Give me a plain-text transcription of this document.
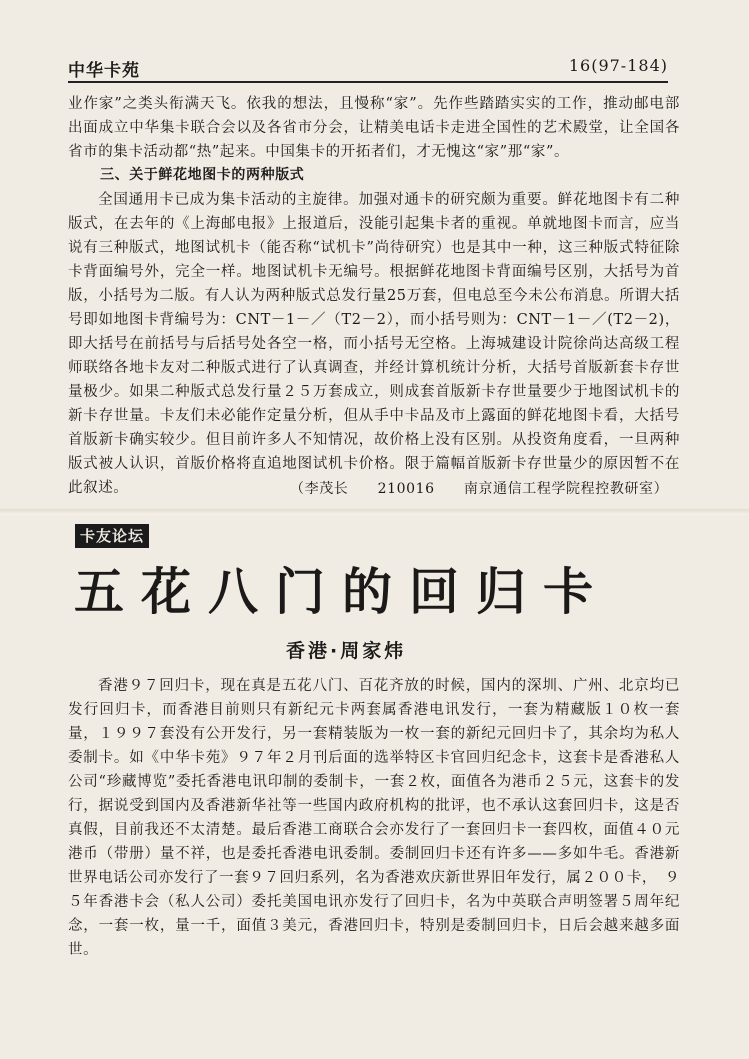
中华卡苑	16(97-184)

业作家”之类头衔满天飞。依我的想法，且慢称“家”。先作些踏踏实实的工作，推动邮电部出面成立中华集卡联合会以及各省市分会，让精美电话卡走进全国性的艺术殿堂，让全国各省市的集卡活动都“热”起来。中国集卡的开拓者们，才无愧这“家”那“家”。

三、关于鲜花地图卡的两种版式

全国通用卡已成为集卡活动的主旋律。加强对通卡的研究颇为重要。鲜花地图卡有二种版式，在去年的《上海邮电报》上报道后，没能引起集卡者的重视。单就地图卡而言，应当说有三种版式，地图试机卡（能否称“试机卡”尚待研究）也是其中一种，这三种版式特征除卡背面编号外，完全一样。地图试机卡无编号。根据鲜花地图卡背面编号区别，大括号为首版，小括号为二版。有人认为两种版式总发行量25万套，但电总至今未公布消息。所谓大括号即如地图卡背编号为：CNT－1－／（T2－2），而小括号则为：CNT－1－／(T2－2)，即大括号在前括号与后括号处各空一格，而小括号无空格。上海城建设计院徐尚达高级工程师联络各地卡友对二种版式进行了认真调查，并经计算机统计分析，大括号首版新套卡存世量极少。如果二种版式总发行量２５万套成立，则成套首版新卡存世量要少于地图试机卡的新卡存世量。卡友们未必能作定量分析，但从手中卡品及市上露面的鲜花地图卡看，大括号首版新卡确实较少。但目前许多人不知情况，故价格上没有区别。从投资角度看，一旦两种版式被人认识，首版价格将直追地图试机卡价格。限于篇幅首版新卡存世量少的原因暂不在此叙述。	（李茂长　　210016　　南京通信工程学院程控教研室）
卡友论坛
五花八门的回归卡
香港·周家炜

香港９７回归卡，现在真是五花八门、百花齐放的时候，国内的深圳、广州、北京均已发行回归卡，而香港目前则只有新纪元卡两套属香港电讯发行，一套为精藏版１０枚一套量，１９９７套没有公开发行，另一套精装版为一枚一套的新纪元回归卡了，其余均为私人委制卡。如《中华卡苑》９７年２月刊后面的选举特区卡官回归纪念卡，这套卡是香港私人公司“珍藏博览”委托香港电讯印制的委制卡，一套２枚，面值各为港币２５元，这套卡的发行，据说受到国内及香港新华社等一些国内政府机构的批评，也不承认这套回归卡，这是否真假，目前我还不太清楚。最后香港工商联合会亦发行了一套回归卡一套四枚，面值４０元港币（带册）量不祥，也是委托香港电讯委制。委制回归卡还有许多——多如牛毛。香港新世界电话公司亦发行了一套９７回归系列，名为香港欢庆新世界旧年发行，属２００卡，　９５年香港卡会（私人公司）委托美国电讯亦发行了回归卡，名为中英联合声明签署５周年纪念，一套一枚，量一千，面值３美元，香港回归卡，特别是委制回归卡，日后会越来越多面世。
